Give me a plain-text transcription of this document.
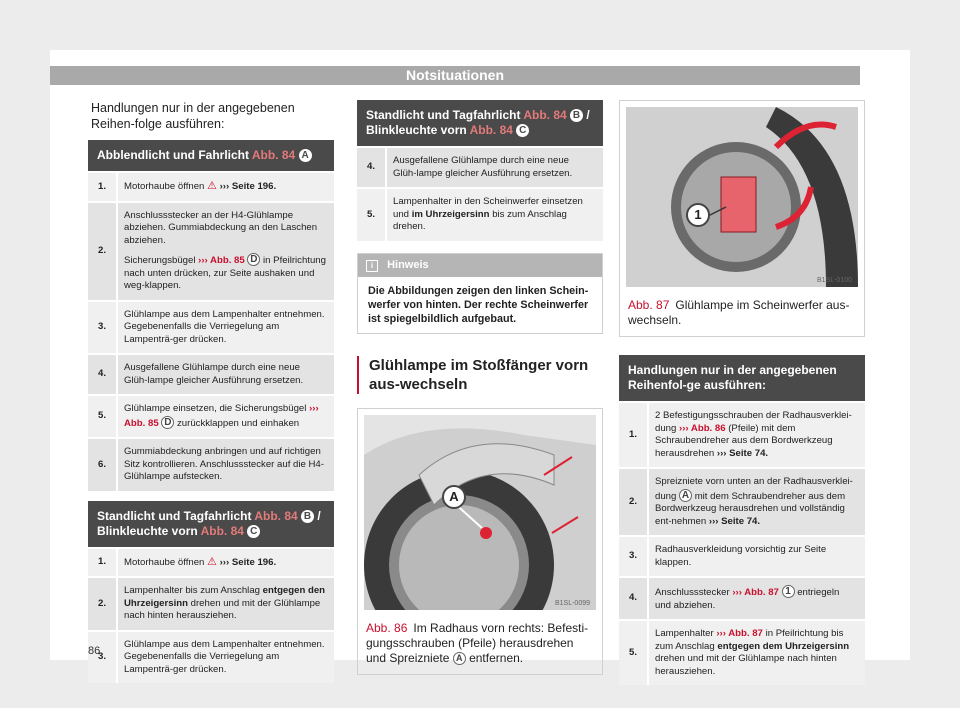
Notsituationen

Handlungen nur in der angegebenen Reihen-folge ausführen:

Abblendlicht und Fahrlicht Abb. 84 A
1.	Motorhaube öffnen ⚠ ››› Seite 196.

2.

Anschlussstecker an der H4-Glühlampe abziehen. Gummiabdeckung an den Laschen abziehen.

Sicherungsbügel ››› Abb. 85 D in Pfeilrichtung nach unten drücken, zur Seite aushaken und weg-klappen.

3.

Glühlampe aus dem Lampenhalter entnehmen. Gegebenenfalls die Verriegelung am Lampenträ-ger drücken.

4.

Ausgefallene Glühlampe durch eine neue Glüh-lampe gleicher Ausführung ersetzen.

5.

Glühlampe einsetzen, die Sicherungsbügel ››› Abb. 85 D zurückklappen und einhaken

6.

Gummiabdeckung anbringen und auf richtigen Sitz kontrollieren. Anschlussstecker auf die H4-Glühlampe aufstecken.

Standlicht und Tagfahrlicht Abb. 84 B /
Blinkleuchte vorn Abb. 84 C
1.	Motorhaube öffnen ⚠ ››› Seite 196.

2.

Lampenhalter bis zum Anschlag entgegen den Uhrzeigersinn drehen und mit der Glühlampe nach hinten herausziehen.

3.

Glühlampe aus dem Lampenhalter entnehmen. Gegebenenfalls die Verriegelung am Lampenträ-ger drücken.

Standlicht und Tagfahrlicht Abb. 84 B /
Blinkleuchte vorn Abb. 84 C
4.

Ausgefallene Glühlampe durch eine neue Glüh-lampe gleicher Ausführung ersetzen.

5.

Lampenhalter in den Scheinwerfer einsetzen und im Uhrzeigersinn bis zum Anschlag drehen.

i Hinweis
Die Abbildungen zeigen den linken Schein-werfer von hinten. Der rechte Scheinwerfer ist spiegelbildlich aufgebaut.
Glühlampe im Stoßfänger vorn aus-wechseln
A
B1SL-0099
Abb. 86 Im Radhaus vorn rechts: Befesti-gungsschrauben (Pfeile) herausdrehen und Spreizniete A entfernen.
1
B1SL-0100
Abb. 87 Glühlampe im Scheinwerfer aus-wechseln.
Handlungen nur in der angegebenen Reihenfol-ge ausführen:
1.

2 Befestigungsschrauben der Radhausverklei-dung ››› Abb. 86 (Pfeile) mit dem Schraubendreher aus dem Bordwerkzeug herausdrehen ››› Seite 74.

2.

Spreizniete vorn unten an der Radhausverklei-dung A mit dem Schraubendreher aus dem Bordwerkzeug herausdrehen und vollständig ent-nehmen ››› Seite 74.

3.

Radhausverkleidung vorsichtig zur Seite klappen.

4.	Anschlussstecker ››› Abb. 87 1 entriegeln und abziehen.

5.

Lampenhalter ››› Abb. 87 in Pfeilrichtung bis zum Anschlag entgegen dem Uhrzeigersinn drehen und mit der Glühlampe nach hinten herausziehen.

86
